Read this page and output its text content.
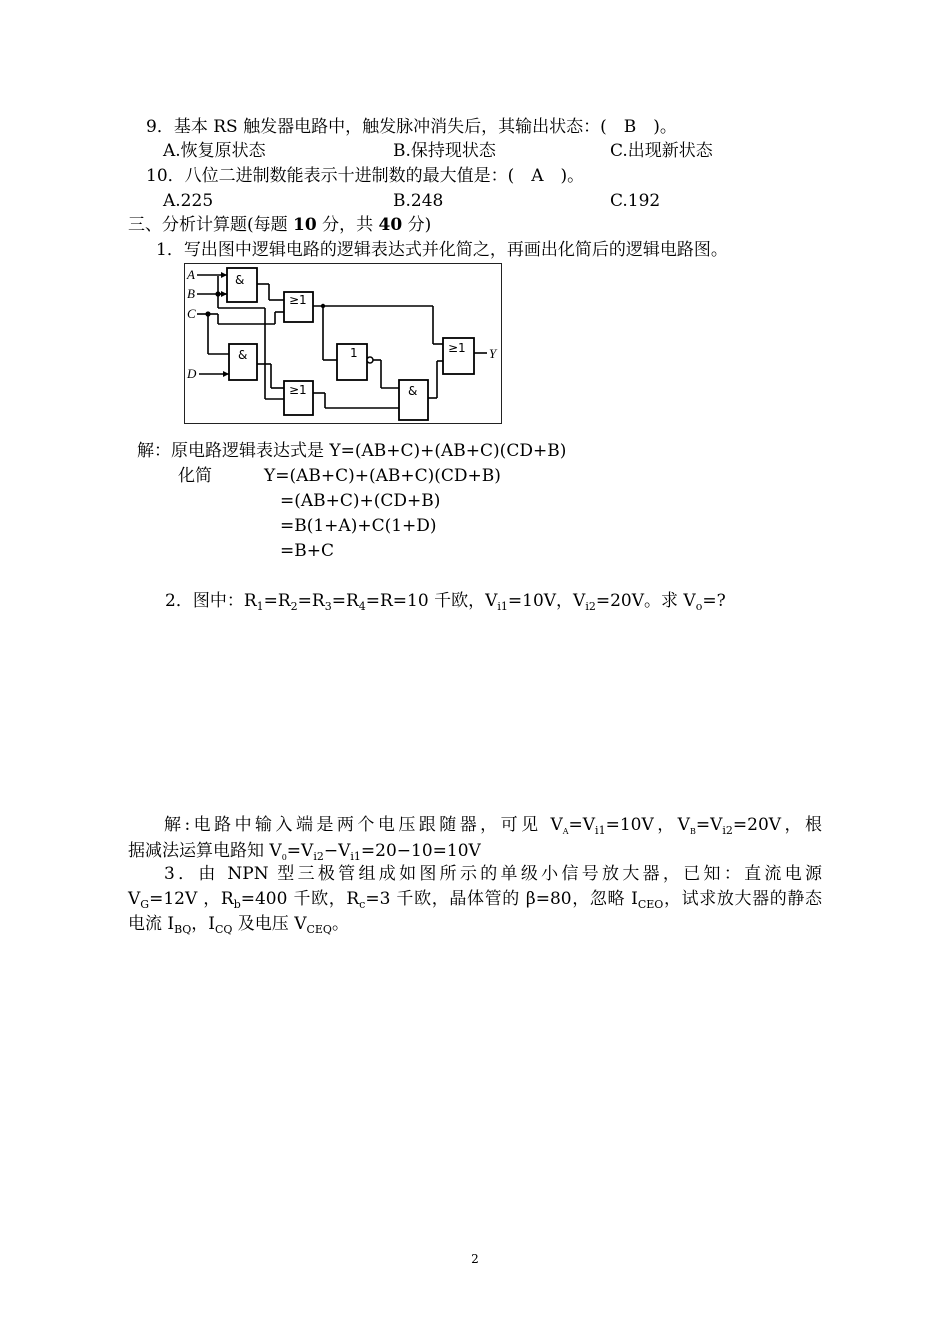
9．基本 RS 触发器电路中，触发脉冲消失后，其输出状态：(　B　)。
A.恢复原状态	B.保持现状态	C.出现新状态
10．八位二进制数能表示十进制数的最大值是：(　A　)。
A.225	B.248	C.192
三、分析计算题(每题 10 分，共 40 分)
1．写出图中逻辑电路的逻辑表达式并化简之，再画出化简后的逻辑电路图。
A
B
C
D
Y
&
≥1
&	1
≥1	&
≥1
解：原电路逻辑表达式是 Y=(AB+C)+(AB+C)(CD+B)
化简	Y=(AB+C)+(AB+C)(CD+B)
=(AB+C)+(CD+B)
=B(1+A)+C(1+D)
=B+C
2．图中：$R_1=R_2=R_3=R_4=R=10$ 千欧，$V_{i1}=10V$，$V_{i2}=20V$。求 $V_o=$?
解:电路中输入端是两个电压跟随器，可见 $V_A=V_{i1}=10V$，$V_B=V_{i2}=20V$，根
据减法运算电路知 $V_0=V_{i2}-V_{i1}=20-10=10V$
3．由 NPN 型三极管组成如图所示的单级小信号放大器，已知：直流电源
$V_G=12V$ ，$R_b=400$ 千欧，$R_c=3$ 千欧，晶体管的 β=80，忽略 $I_{CEO}$，试求放大器的静态
电流 $I_{BQ}$，$I_{CQ}$ 及电压 $V_{CEQ}$。
2
